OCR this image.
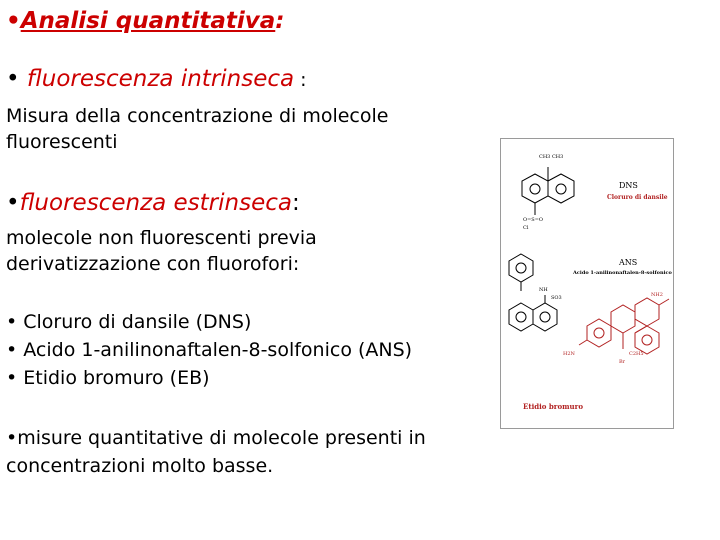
•Analisi quantitativa:
• fluorescenza intrinseca :
Misura della concentrazione di molecole
fluorescenti
•fluorescenza estrinseca:
molecole non fluorescenti previa
derivatizzazione con fluorofori:
• Cloruro di dansile (DNS)
• Acido 1-anilinonaftalen-8-solfonico (ANS)
• Etidio bromuro (EB)
•misure quantitative di molecole presenti in
concentrazioni molto basse.
CH3 CH3
O=S=O
Cl
DNS
Cloruro di dansile
NH
SO3
ANS
Acido 1-anilinonaftalen-8-solfonico
NH2
H2N	C2H5
Br
Etidio bromuro
